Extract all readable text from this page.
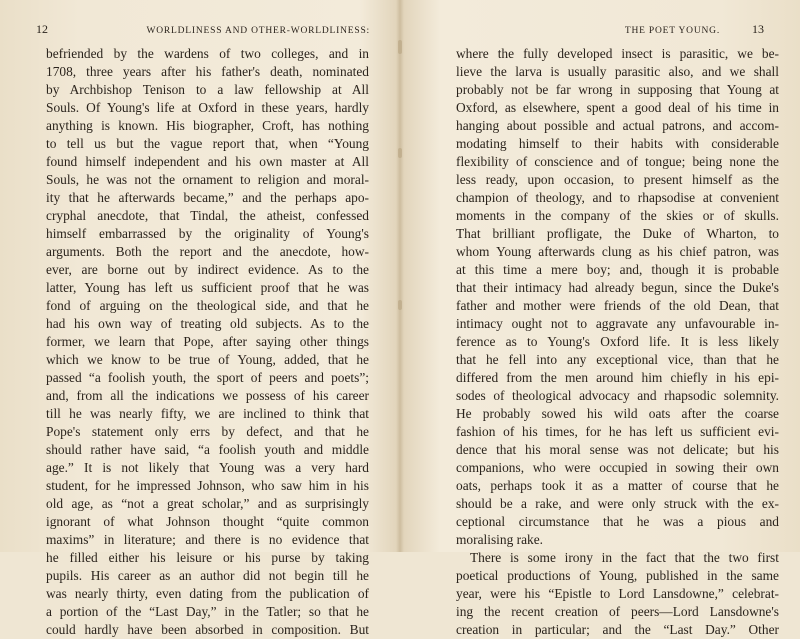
12	WORLDLINESS AND OTHER-WORLDLINESS:
befriended by the wardens of two colleges, and in
1708, three years after his father's death, nominated
by Archbishop Tenison to a law fellowship at All
Souls. Of Young's life at Oxford in these years, hardly
anything is known. His biographer, Croft, has nothing
to tell us but the vague report that, when “Young
found himself independent and his own master at All
Souls, he was not the ornament to religion and moral-
ity that he afterwards became,” and the perhaps apo-
cryphal anecdote, that Tindal, the atheist, confessed
himself embarrassed by the originality of Young's
arguments. Both the report and the anecdote, how-
ever, are borne out by indirect evidence. As to the
latter, Young has left us sufficient proof that he was
fond of arguing on the theological side, and that he
had his own way of treating old subjects. As to the
former, we learn that Pope, after saying other things
which we know to be true of Young, added, that he
passed “a foolish youth, the sport of peers and poets”;
and, from all the indications we possess of his career
till he was nearly fifty, we are inclined to think that
Pope's statement only errs by defect, and that he
should rather have said, “a foolish youth and middle
age.” It is not likely that Young was a very hard
student, for he impressed Johnson, who saw him in his
old age, as “not a great scholar,” and as surprisingly
ignorant of what Johnson thought “quite common
maxims” in literature; and there is no evidence that
he filled either his leisure or his purse by taking
pupils. His career as an author did not begin till he
was nearly thirty, even dating from the publication of
a portion of the “Last Day,” in the Tatler; so that he
could hardly have been absorbed in composition. But
THE POET YOUNG.	13
where the fully developed insect is parasitic, we be-
lieve the larva is usually parasitic also, and we shall
probably not be far wrong in supposing that Young at
Oxford, as elsewhere, spent a good deal of his time in
hanging about possible and actual patrons, and accom-
modating himself to their habits with considerable
flexibility of conscience and of tongue; being none the
less ready, upon occasion, to present himself as the
champion of theology, and to rhapsodise at convenient
moments in the company of the skies or of skulls.
That brilliant profligate, the Duke of Wharton, to
whom Young afterwards clung as his chief patron, was
at this time a mere boy; and, though it is probable
that their intimacy had already begun, since the Duke's
father and mother were friends of the old Dean, that
intimacy ought not to aggravate any unfavourable in-
ference as to Young's Oxford life. It is less likely
that he fell into any exceptional vice, than that he
differed from the men around him chiefly in his epi-
sodes of theological advocacy and rhapsodic solemnity.
He probably sowed his wild oats after the coarse
fashion of his times, for he has left us sufficient evi-
dence that his moral sense was not delicate; but his
companions, who were occupied in sowing their own
oats, perhaps took it as a matter of course that he
should be a rake, and were only struck with the ex-
ceptional circumstance that he was a pious and
moralising rake.
There is some irony in the fact that the two first
poetical productions of Young, published in the same
year, were his “Epistle to Lord Lansdowne,” celebrat-
ing the recent creation of peers—Lord Lansdowne's
creation in particular; and the “Last Day.” Other
